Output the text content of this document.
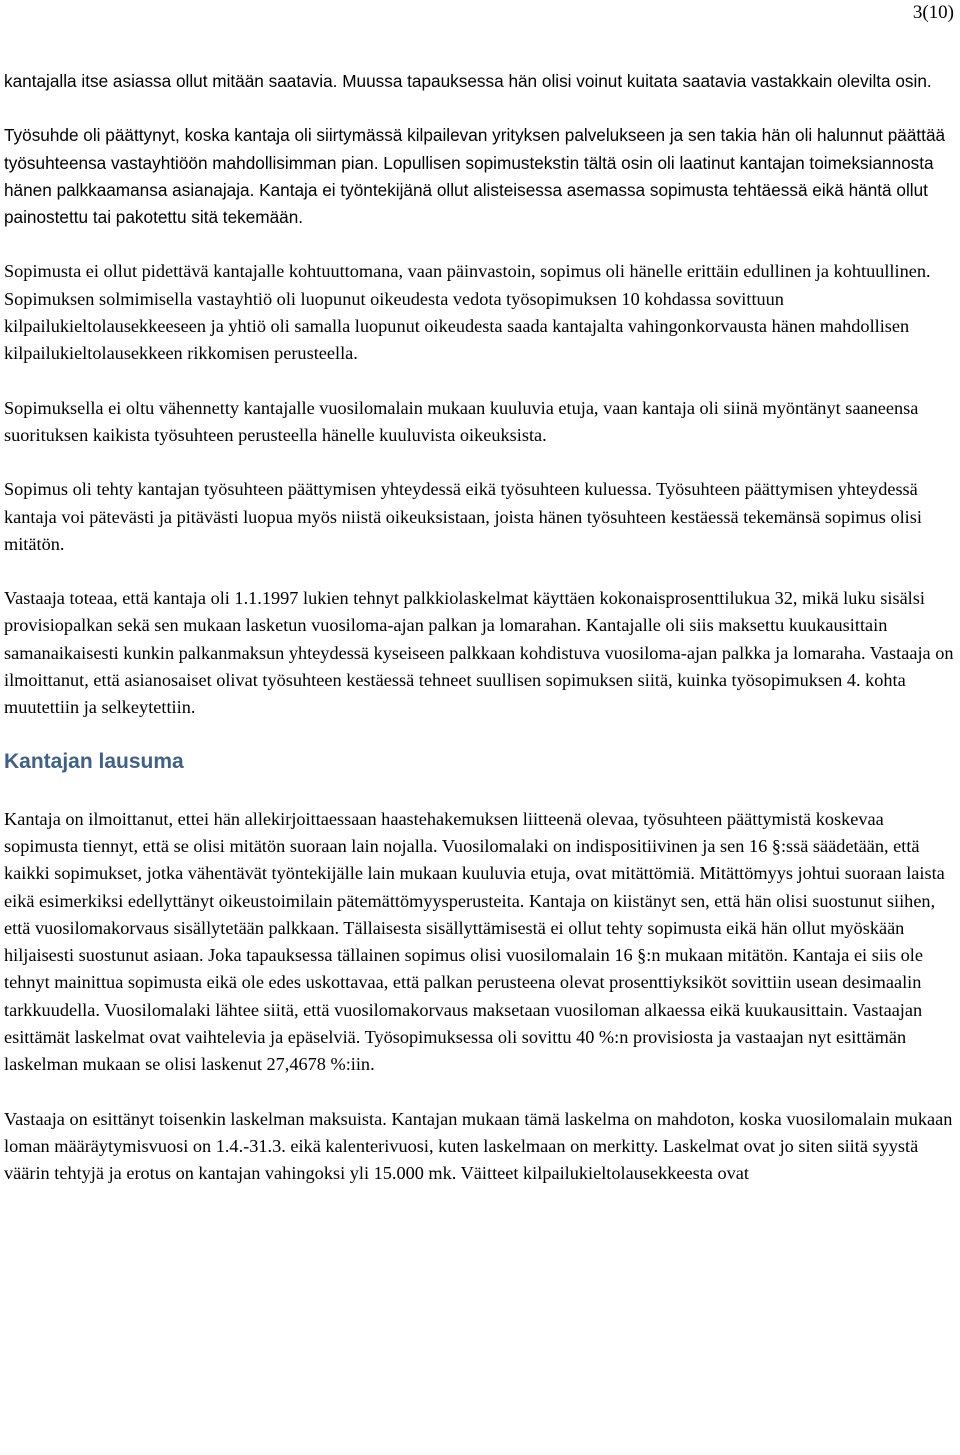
3(10)

kantajalla itse asiassa ollut mitään saatavia. Muussa tapauksessa hän olisi voinut kuitata saatavia vastakkain olevilta osin.

Työsuhde oli päättynyt, koska kantaja oli siirtymässä kilpailevan yrityksen palvelukseen ja sen takia hän oli halunnut päättää työsuhteensa vastayhtiöön mahdollisimman pian. Lopullisen sopimustekstin tältä osin oli laatinut kantajan toimeksiannosta hänen palkkaamansa asianajaja. Kantaja ei työntekijänä ollut alisteisessa asemassa sopimusta tehtäessä eikä häntä ollut painostettu tai pakotettu sitä tekemään.

Sopimusta ei ollut pidettävä kantajalle kohtuuttomana, vaan päinvastoin, sopimus oli hänelle erittäin edullinen ja kohtuullinen. Sopimuksen solmimisella vastayhtiö oli luopunut oikeudesta vedota työsopimuksen 10 kohdassa sovittuun kilpailukieltolausekkeeseen ja yhtiö oli samalla luopunut oikeudesta saada kantajalta vahingonkorvausta hänen mahdollisen kilpailukieltolausekkeen rikkomisen perusteella.

Sopimuksella ei oltu vähennetty kantajalle vuosilomalain mukaan kuuluvia etuja, vaan kantaja oli siinä myöntänyt saaneensa suorituksen kaikista työsuhteen perusteella hänelle kuuluvista oikeuksista.

Sopimus oli tehty kantajan työsuhteen päättymisen yhteydessä eikä työsuhteen kuluessa. Työsuhteen päättymisen yhteydessä kantaja voi pätevästi ja pitävästi luopua myös niistä oikeuksistaan, joista hänen työsuhteen kestäessä tekemänsä sopimus olisi mitätön.

Vastaaja toteaa, että kantaja oli 1.1.1997 lukien tehnyt palkkiolaskelmat käyttäen kokonaisprosenttilukua 32, mikä luku sisälsi provisiopalkan sekä sen mukaan lasketun vuosiloma-ajan palkan ja lomarahan. Kantajalle oli siis maksettu kuukausittain samanaikaisesti kunkin palkanmaksun yhteydessä kyseiseen palkkaan kohdistuva vuosiloma-ajan palkka ja lomaraha. Vastaaja on ilmoittanut, että asianosaiset olivat työsuhteen kestäessä tehneet suullisen sopimuksen siitä, kuinka työsopimuksen 4. kohta muutettiin ja selkeytettiin.

Kantajan lausuma

Kantaja on ilmoittanut, ettei hän allekirjoittaessaan haastehakemuksen liitteenä olevaa, työsuhteen päättymistä koskevaa sopimusta tiennyt, että se olisi mitätön suoraan lain nojalla. Vuosilomalaki on indispositiivinen ja sen 16 §:ssä säädetään, että kaikki sopimukset, jotka vähentävät työntekijälle lain mukaan kuuluvia etuja, ovat mitättömiä. Mitättömyys johtui suoraan laista eikä esimerkiksi edellyttänyt oikeustoimilain pätemättömyysperusteita. Kantaja on kiistänyt sen, että hän olisi suostunut siihen, että vuosilomakorvaus sisällytetään palkkaan. Tällaisesta sisällyttämisestä ei ollut tehty sopimusta eikä hän ollut myöskään hiljaisesti suostunut asiaan. Joka tapauksessa tällainen sopimus olisi vuosilomalain 16 §:n mukaan mitätön. Kantaja ei siis ole tehnyt mainittua sopimusta eikä ole edes uskottavaa, että palkan perusteena olevat prosenttiyksiköt sovittiin usean desimaalin tarkkuudella. Vuosilomalaki lähtee siitä, että vuosilomakorvaus maksetaan vuosiloman alkaessa eikä kuukausittain. Vastaajan esittämät laskelmat ovat vaihtelevia ja epäselviä. Työsopimuksessa oli sovittu 40 %:n provisiosta ja vastaajan nyt esittämän laskelman mukaan se olisi laskenut 27,4678 %:iin.

Vastaaja on esittänyt toisenkin laskelman maksuista. Kantajan mukaan tämä laskelma on mahdoton, koska vuosilomalain mukaan loman määräytymisvuosi on 1.4.-31.3. eikä kalenterivuosi, kuten laskelmaan on merkitty. Laskelmat ovat jo siten siitä syystä väärin tehtyjä ja erotus on kantajan vahingoksi yli 15.000 mk. Väitteet kilpailukieltolausekkeesta ovat
